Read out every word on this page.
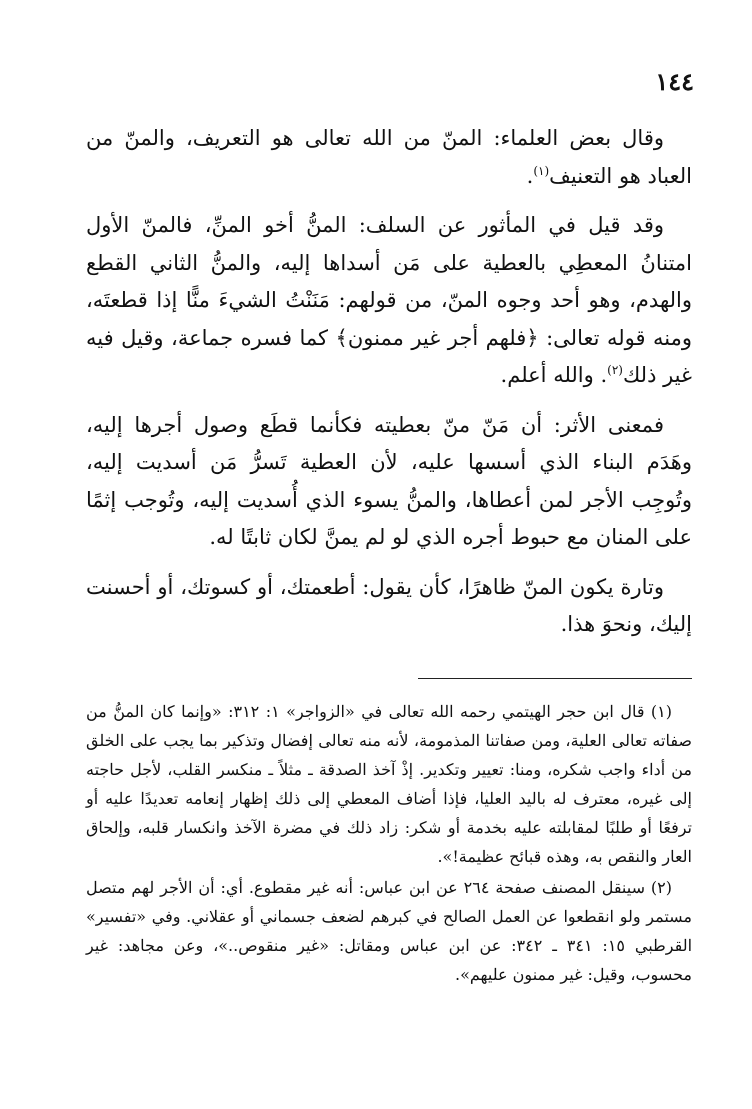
١٤٤

وقال بعض العلماء: المنّ من الله تعالى هو التعريف، والمنّ من العباد هو التعنيف$^{(١)}$.

وقد قيل في المأثور عن السلف: المنُّ أخو المنِّ، فالمنّ الأول امتنانُ المعطِي بالعطية على مَن أسداها إليه، والمنُّ الثاني القطع والهدم، وهو أحد وجوه المنّ، من قولهم: مَنَنْتُ الشيءَ منًّا إذا قطعتَه، ومنه قوله تعالى: ﴿فلهم أجر غير ممنون﴾ كما فسره جماعة، وقيل فيه غير ذلك$^{(٢)}$. والله أعلم.

فمعنى الأثر: أن مَنّ منّ بعطيته فكأنما قطَع وصول أجرها إليه، وهَدَم البناء الذي أسسها عليه، لأن العطية تَسرُّ مَن أسديت إليه، وتُوجِب الأجر لمن أعطاها، والمنُّ يسوء الذي أُسديت إليه، وتُوجب إثمًا على المنان مع حبوط أجره الذي لو لم يمنَّ لكان ثابتًا له.

وتارة يكون المنّ ظاهرًا، كأن يقول: أطعمتك، أو كسوتك، أو أحسنت إليك، ونحوَ هذا.

(١) قال ابن حجر الهيتمي رحمه الله تعالى في «الزواجر» ١: ٣١٢: «وإنما كان المنُّ من صفاته تعالى العلية، ومن صفاتنا المذمومة، لأنه منه تعالى إفضال وتذكير بما يجب على الخلق من أداء واجب شكره، ومنا: تعيير وتكدير. إذْ آخذ الصدقة ـ مثلاً ـ منكسر القلب، لأجل حاجته إلى غيره، معترف له باليد العليا، فإذا أضاف المعطي إلى ذلك إظهار إنعامه تعديدًا عليه أو ترفعًا أو طلبًا لمقابلته عليه بخدمة أو شكر: زاد ذلك في مضرة الآخذ وانكسار قلبه، وإلحاق العار والنقص به، وهذه قبائح عظيمة!».

(٢) سينقل المصنف صفحة ٢٦٤ عن ابن عباس: أنه غير مقطوع. أي: أن الأجر لهم متصل مستمر ولو انقطعوا عن العمل الصالح في كبرهم لضعف جسماني أو عقلاني. وفي «تفسير» القرطبي ١٥: ٣٤١ ـ ٣٤٢: عن ابن عباس ومقاتل: «غير منقوص..»، وعن مجاهد: غير محسوب، وقيل: غير ممنون عليهم».
